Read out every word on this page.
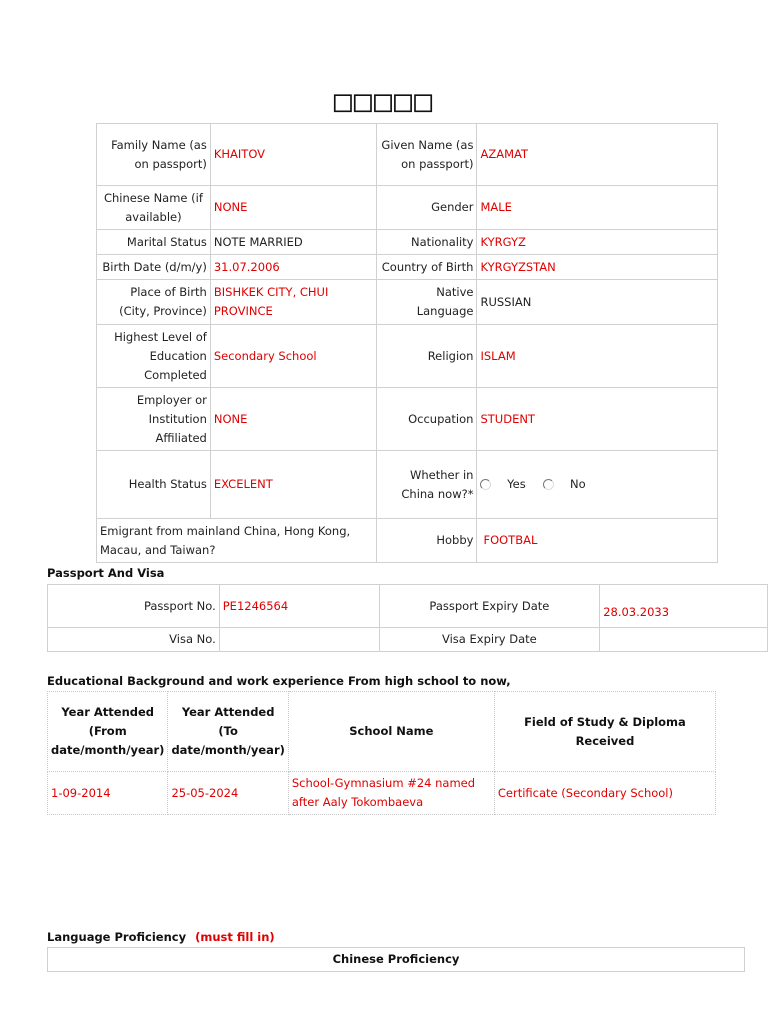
□□□□□
Family Name (as on passport)	KHAITOV	Given Name (as on passport)	AZAMAT
Chinese Name (if available)	NONE	Gender	MALE
Marital Status	NOTE MARRIED	Nationality	KYRGYZ
Birth Date (d/m/y)	31.07.2006	Country of Birth	KYRGYZSTAN
Place of Birth (City, Province)	BISHKEK CITY, CHUI PROVINCE	Native Language	RUSSIAN
Highest Level of Education Completed	Secondary School	Religion	ISLAM
Employer or Institution Affiliated	NONE	Occupation	STUDENT
Health Status	EXCELENT	Whether in China now?*	Yes No
Emigrant from mainland China, Hong Kong, Macau, and Taiwan?		Hobby	FOOTBAL
Passport And Visa
Passport No.	PE1246564	Passport Expiry Date	28.03.2033
Visa No.		Visa Expiry Date	
Educational Background and work experience From high school to now,
Year Attended (From date/month/year)	Year Attended (To date/month/year)	School Name	Field of Study & Diploma Received
1-09-2014	25-05-2024	School-Gymnasium #24 named after Aaly Tokombaeva	Certificate (Secondary School)
Language Proficiency (must fill in)
Chinese Proficiency
